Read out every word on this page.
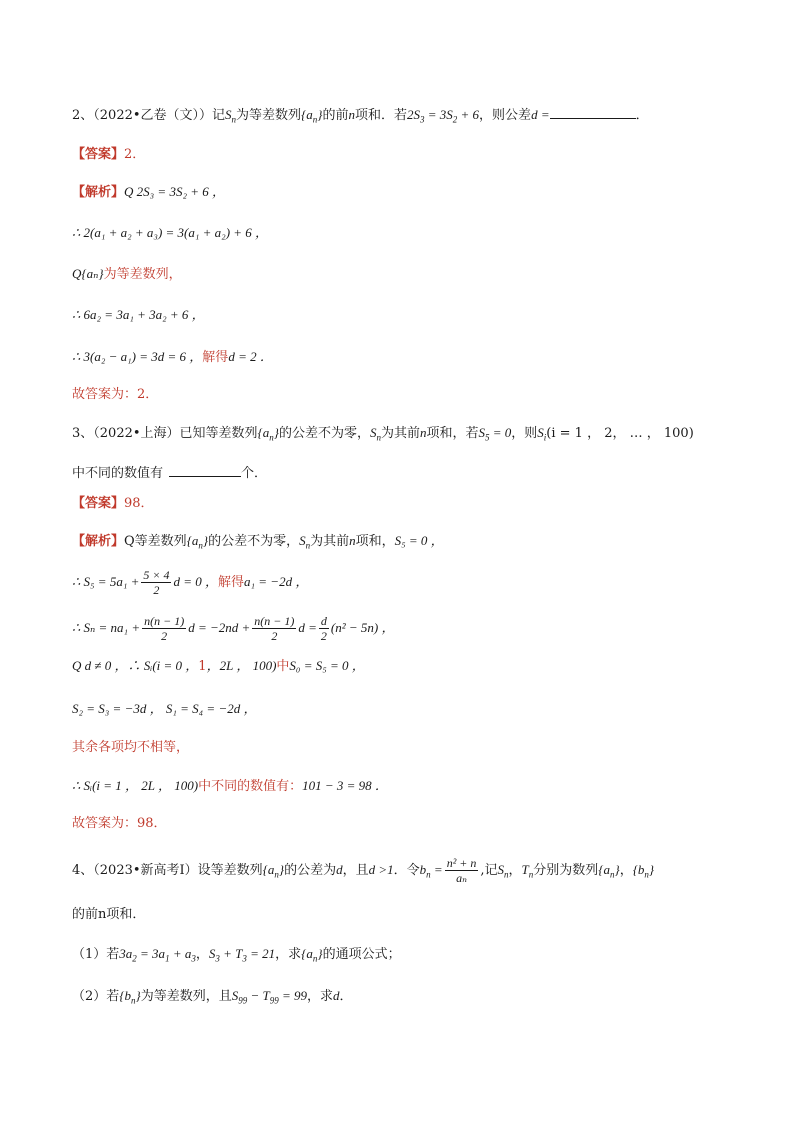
2、（2022•乙卷（文））记$S_n$为等差数列$\{a_n\}$的前n项和．若$2S_3 = 3S_2 + 6$，则公差d =	．
【答案】2．
【解析】Q 2S₃ = 3S₂ + 6 ，
∴ 2(a₁ + a₂ + a₃) = 3(a₁ + a₂) + 6 ，
Q{aₙ}为等差数列，
∴ 6a₂ = 3a₁ + 3a₂ + 6 ，
∴ 3(a₂ − a₁) = 3d = 6 ，解得d = 2 ．
故答案为：2．
3、（2022•上海）已知等差数列$\{a_n\}$的公差不为零，$S_n$为其前n项和，若$S_5 = 0$，则$S_i(i = 1$ ， 2， … ， 100)
中不同的数值有	个．
【答案】98．
【解析】Q等差数列$\{a_n\}$的公差不为零，$S_n$为其前n项和，S₅ = 0 ，
∴ $S_5 = 5a_1 + \frac{5 \times 4}{2}$ d = 0 ，解得a₁ = −2d ，
∴ $S_n = na_1 + \frac{n(n - 1)}{2}$ $d = -2nd + \frac{n(n - 1)}{2}$ $d = \frac{d}{2} (n^2 - 5n)$ ，
Q d ≠ 0 ，∴ Sᵢ(i = 0 ，1，2L ， 100)中S₀ = S₅ = 0 ，
S₂ = S₃ = −3d ， S₁ = S₄ = −2d ，
其余各项均不相等，
∴ Sᵢ(i = 1 ， 2L ， 100)中不同的数值有：101 − 3 = 98 ．
故答案为：98．
4、（2023•新高考Ⅰ）设等差数列$\{a_n\}$的公差为d，且d >1．令$b_n = \frac{\text{n² + n}}{\text{aₙ}}$ ,记$S_n$，$T_n$分别为数列$\{a_n\}$，$\{b_n\}$
的前n项和．
（1）若$3a_2 = 3a_1 + a_3$，$S_3 + T_3 = 21$，求$\{a_n\}$的通项公式；
（2）若$\{b_n\}$为等差数列，且$S_{99} - T_{99} = 99$，求d．
